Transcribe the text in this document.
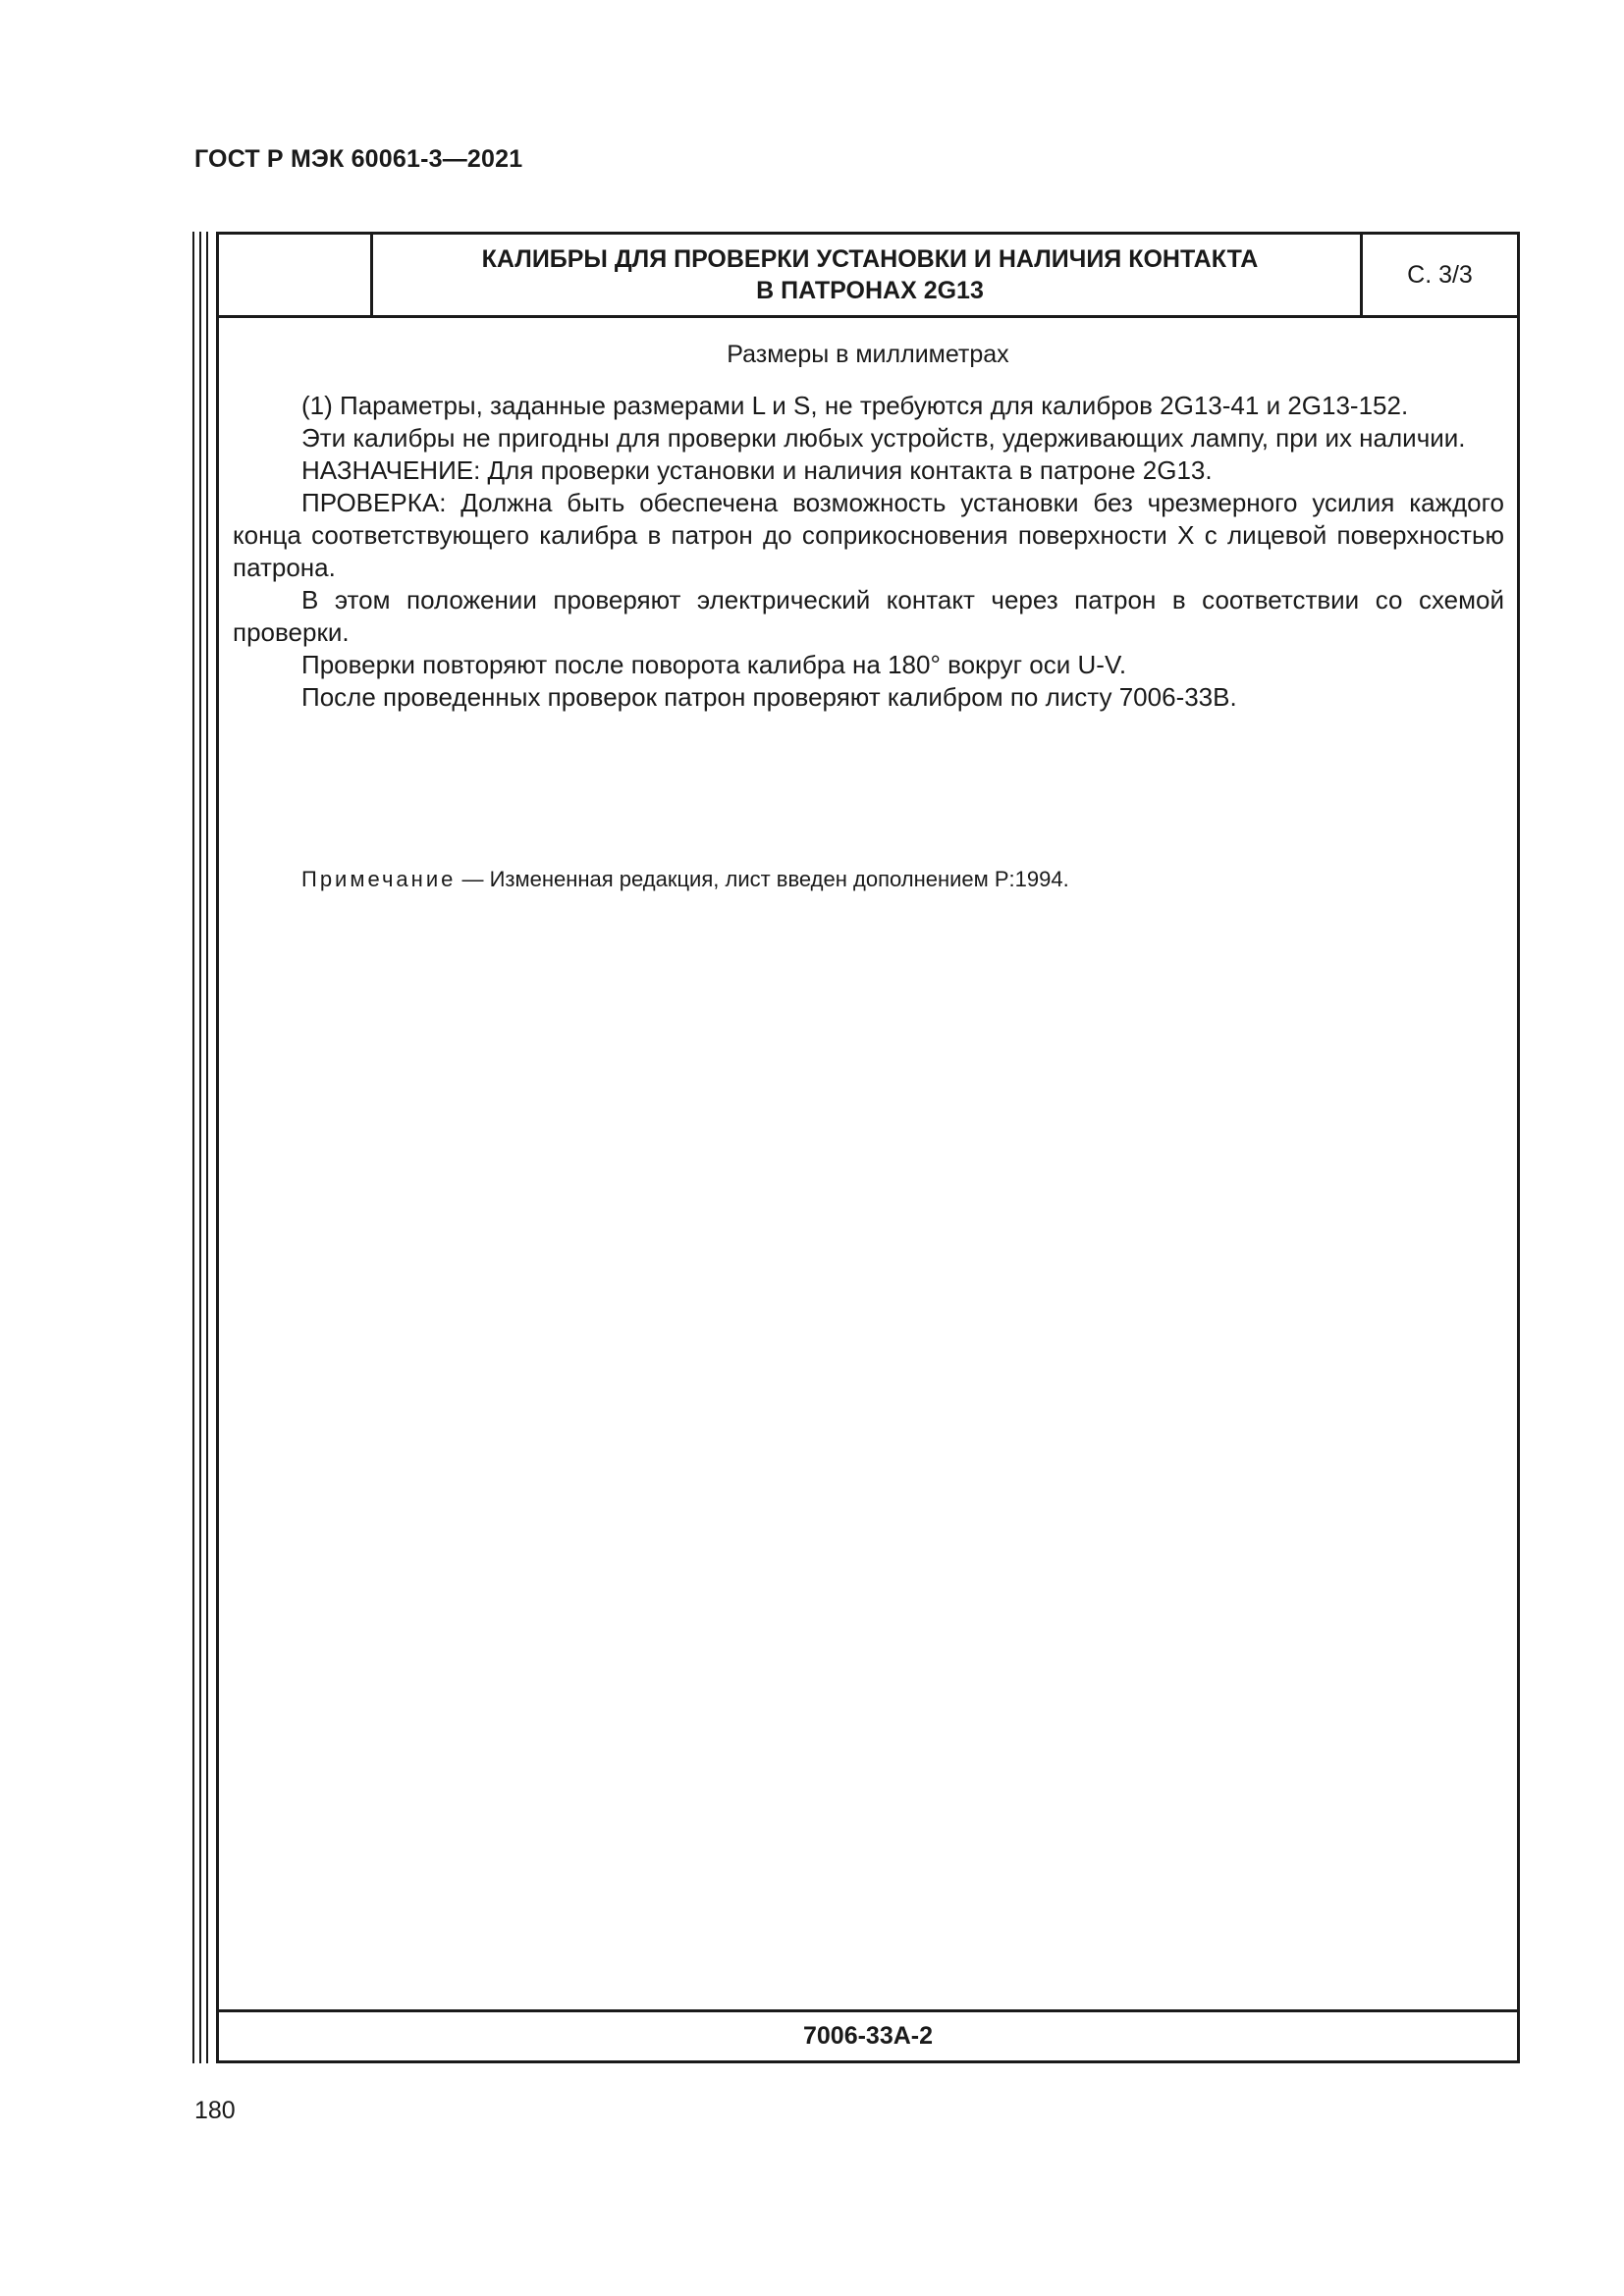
ГОСТ Р МЭК 60061-3—2021
КАЛИБРЫ ДЛЯ ПРОВЕРКИ УСТАНОВКИ И НАЛИЧИЯ КОНТАКТА
В ПАТРОНАХ 2G13
С. 3/3
Размеры в миллиметрах

(1) Параметры, заданные размерами L и S, не требуются для калибров 2G13-41 и 2G13-152.

Эти калибры не пригодны для проверки любых устройств, удерживающих лампу, при их наличии.

НАЗНАЧЕНИЕ: Для проверки установки и наличия контакта в патроне 2G13.

ПРОВЕРКА: Должна быть обеспечена возможность установки без чрезмерного усилия каждого конца соответствующего калибра в патрон до соприкосновения поверхности X с лицевой поверхностью патрона.

В этом положении проверяют электрический контакт через патрон в соответствии со схемой проверки.

Проверки повторяют после поворота калибра на 180° вокруг оси U-V.

После проведенных проверок патрон проверяют калибром по листу 7006-33B.

Примечание — Измененная редакция, лист введен дополнением P:1994.
7006-33A-2
180
